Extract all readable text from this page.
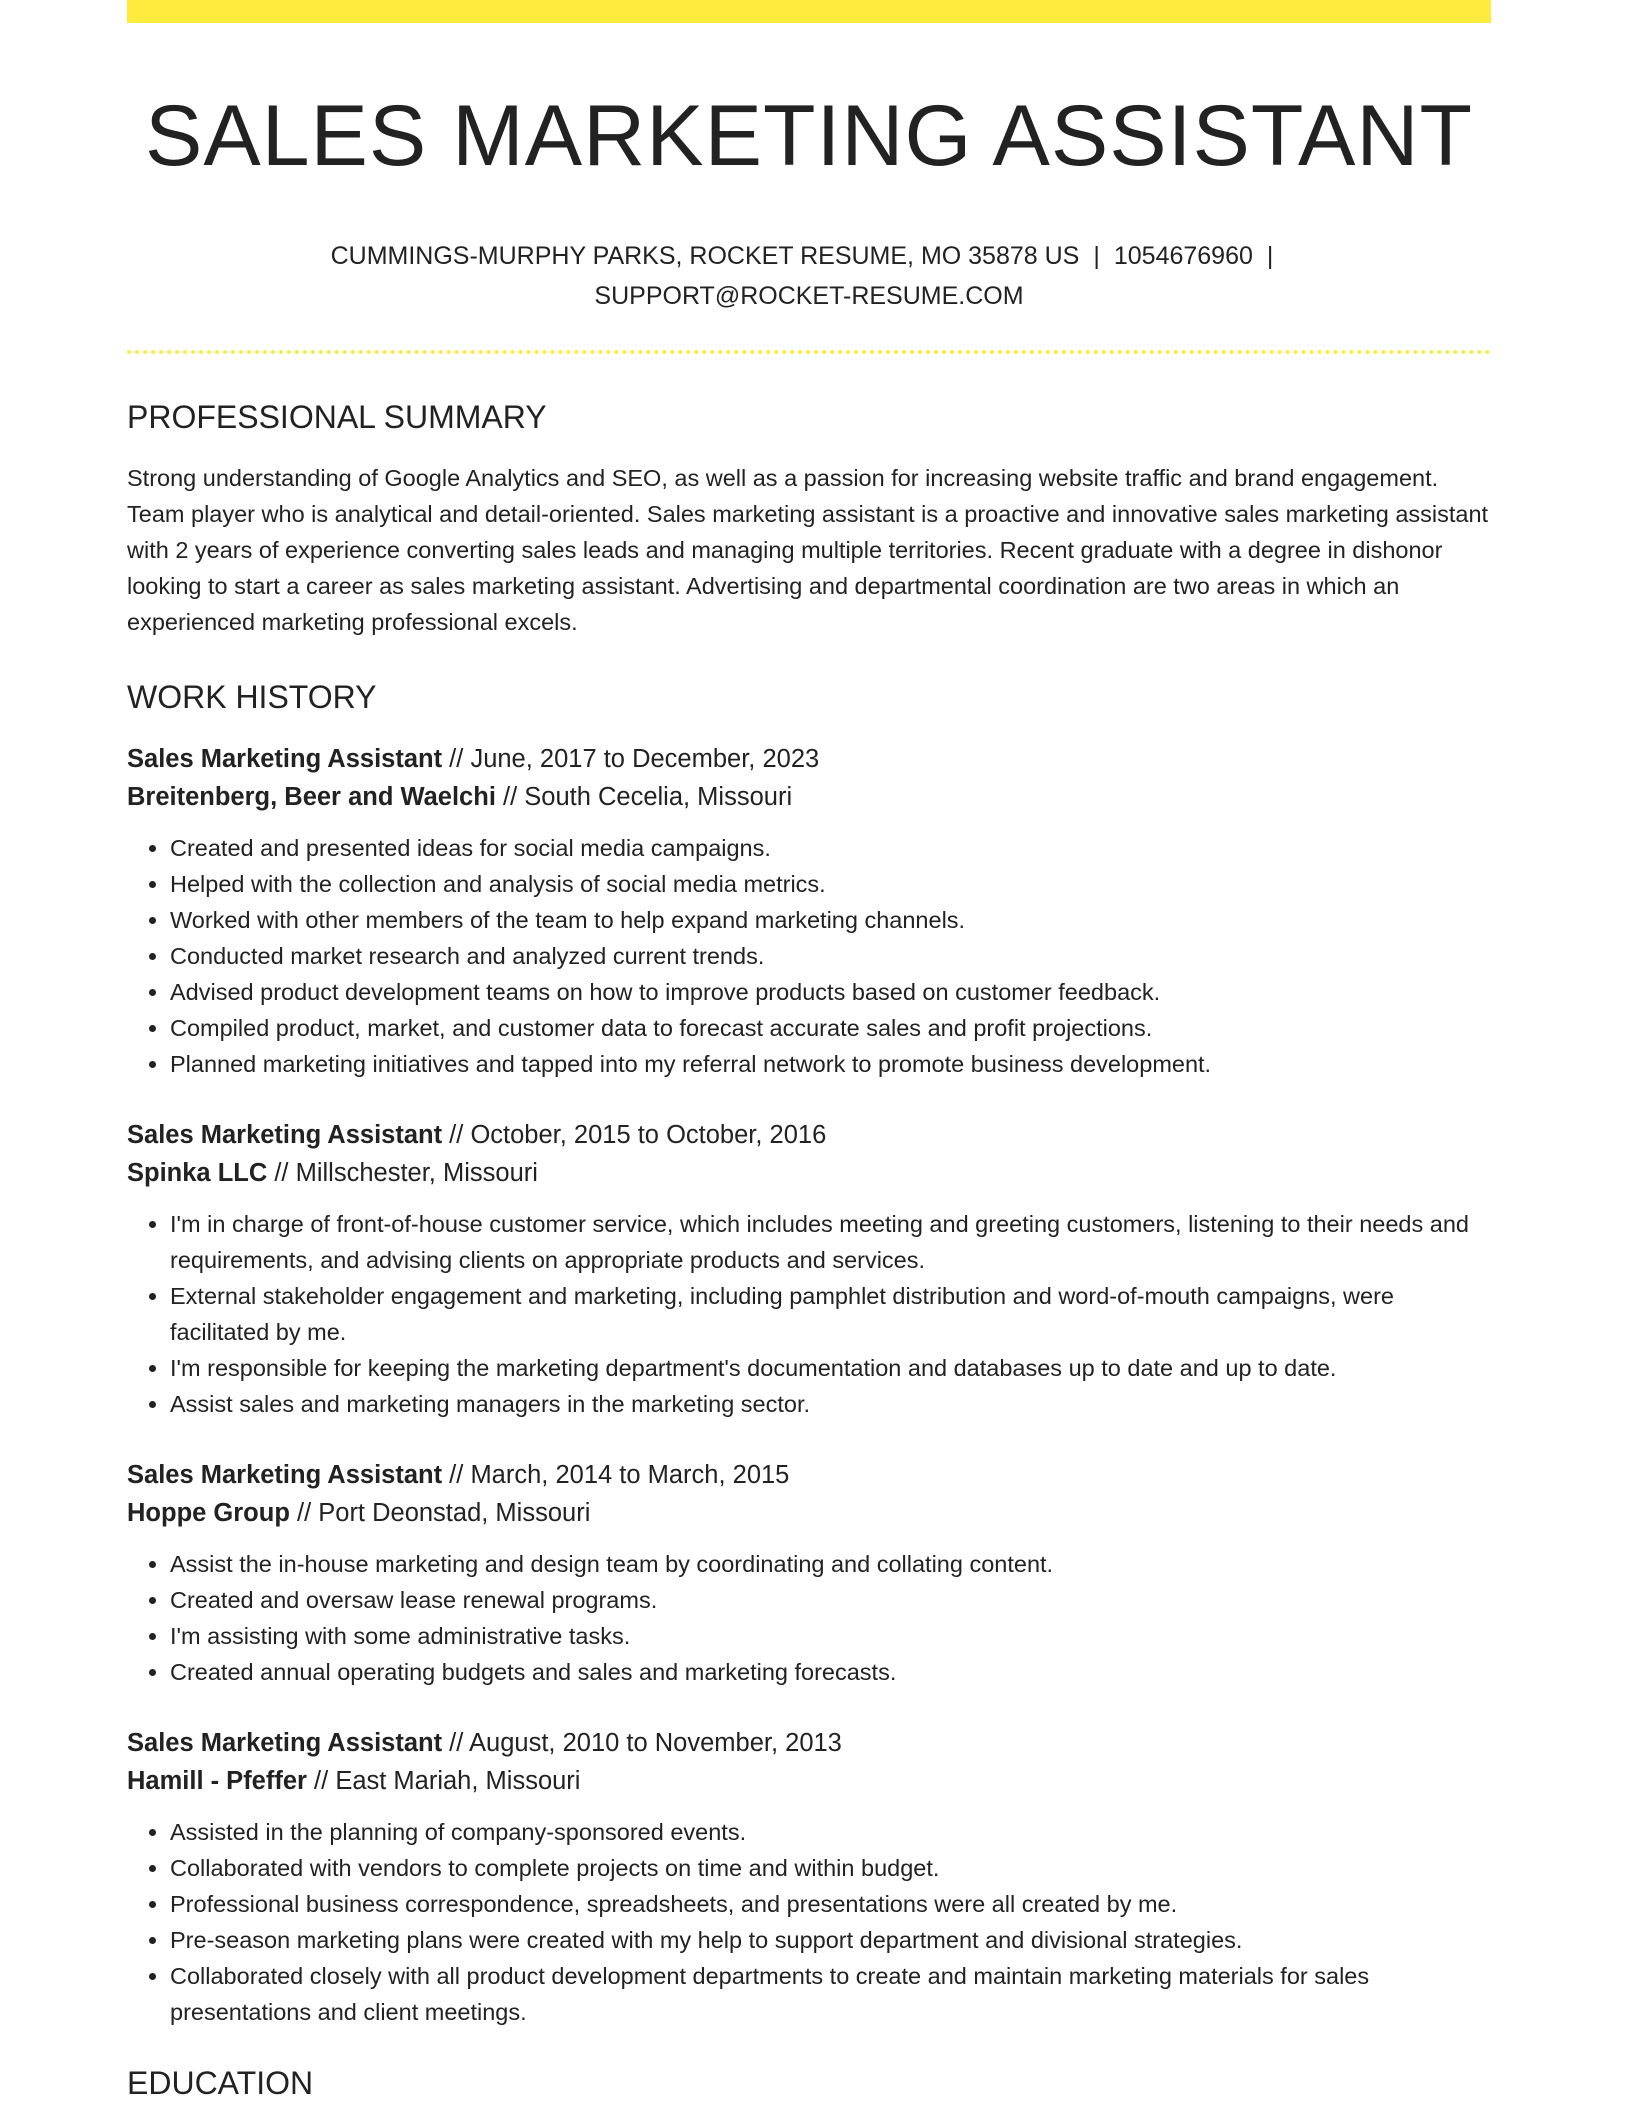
SALES MARKETING ASSISTANT
CUMMINGS-MURPHY PARKS, ROCKET RESUME, MO 35878 US | 1054676960 |
SUPPORT@ROCKET-RESUME.COM
PROFESSIONAL SUMMARY

Strong understanding of Google Analytics and SEO, as well as a passion for increasing website traffic and brand engagement. Team player who is analytical and detail-oriented. Sales marketing assistant is a proactive and innovative sales marketing assistant with 2 years of experience converting sales leads and managing multiple territories. Recent graduate with a degree in dishonor looking to start a career as sales marketing assistant. Advertising and departmental coordination are two areas in which an experienced marketing professional excels.

WORK HISTORY
Sales Marketing Assistant // June, 2017 to December, 2023
Breitenberg, Beer and Waelchi // South Cecelia, Missouri
• Created and presented ideas for social media campaigns.
• Helped with the collection and analysis of social media metrics.
• Worked with other members of the team to help expand marketing channels.
• Conducted market research and analyzed current trends.
• Advised product development teams on how to improve products based on customer feedback.
• Compiled product, market, and customer data to forecast accurate sales and profit projections.
• Planned marketing initiatives and tapped into my referral network to promote business development.
Sales Marketing Assistant // October, 2015 to October, 2016
Spinka LLC // Millschester, Missouri
• I'm in charge of front-of-house customer service, which includes meeting and greeting customers, listening to their needs and requirements, and advising clients on appropriate products and services.
• External stakeholder engagement and marketing, including pamphlet distribution and word-of-mouth campaigns, were facilitated by me.
• I'm responsible for keeping the marketing department's documentation and databases up to date and up to date.
• Assist sales and marketing managers in the marketing sector.
Sales Marketing Assistant // March, 2014 to March, 2015
Hoppe Group // Port Deonstad, Missouri
• Assist the in-house marketing and design team by coordinating and collating content.
• Created and oversaw lease renewal programs.
• I'm assisting with some administrative tasks.
• Created annual operating budgets and sales and marketing forecasts.
Sales Marketing Assistant // August, 2010 to November, 2013
Hamill - Pfeffer // East Mariah, Missouri
• Assisted in the planning of company-sponsored events.
• Collaborated with vendors to complete projects on time and within budget.
• Professional business correspondence, spreadsheets, and presentations were all created by me.
• Pre-season marketing plans were created with my help to support department and divisional strategies.
• Collaborated closely with all product development departments to create and maintain marketing materials for sales presentations and client meetings.
EDUCATION
